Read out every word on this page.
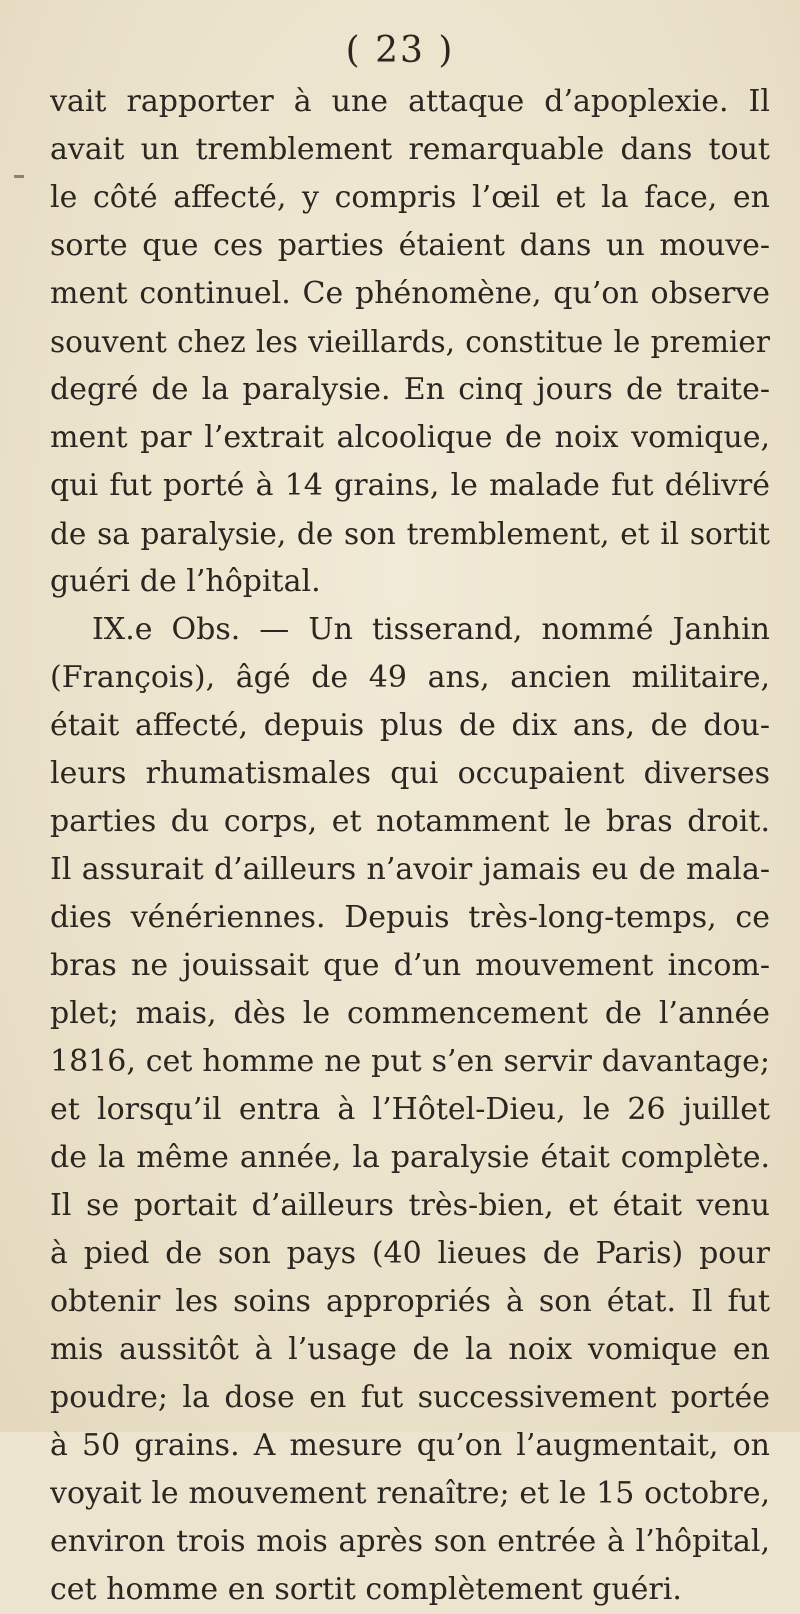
( 23 )
vait rapporter à une attaque d’apoplexie. Il
avait un tremblement remarquable dans tout
le côté affecté, y compris l’œil et la face, en
sorte que ces parties étaient dans un mouve-
ment continuel. Ce phénomène, qu’on observe
souvent chez les vieillards, constitue le premier
degré de la paralysie. En cinq jours de traite-
ment par l’extrait alcoolique de noix vomique,
qui fut porté à 14 grains, le malade fut délivré
de sa paralysie, de son tremblement, et il sortit
guéri de l’hôpital.
IX.e Obs. — Un tisserand, nommé Janhin
(François), âgé de 49 ans, ancien militaire,
était affecté, depuis plus de dix ans, de dou-
leurs rhumatismales qui occupaient diverses
parties du corps, et notamment le bras droit.
Il assurait d’ailleurs n’avoir jamais eu de mala-
dies vénériennes. Depuis très-long-temps, ce
bras ne jouissait que d’un mouvement incom-
plet; mais, dès le commencement de l’année
1816, cet homme ne put s’en servir davantage;
et lorsqu’il entra à l’Hôtel-Dieu, le 26 juillet
de la même année, la paralysie était complète.
Il se portait d’ailleurs très-bien, et était venu
à pied de son pays (40 lieues de Paris) pour
obtenir les soins appropriés à son état. Il fut
mis aussitôt à l’usage de la noix vomique en
poudre; la dose en fut successivement portée
à 50 grains. A mesure qu’on l’augmentait, on
voyait le mouvement renaître; et le 15 octobre,
environ trois mois après son entrée à l’hôpital,
cet homme en sortit complètement guéri.
